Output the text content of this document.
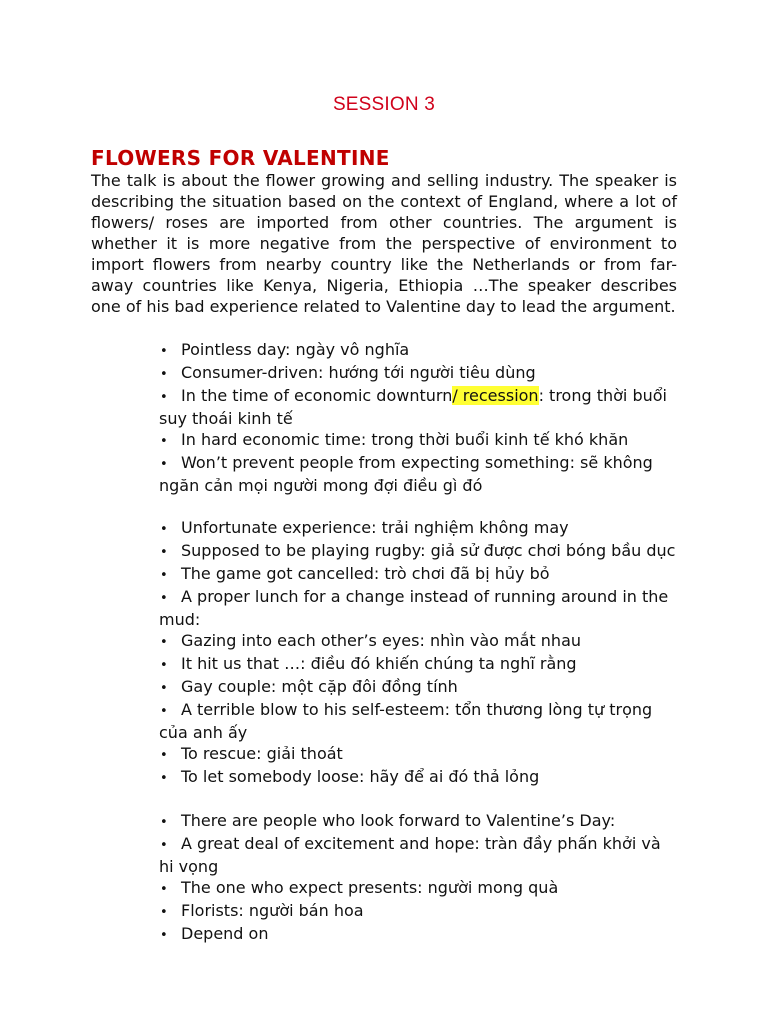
SESSION 3
FLOWERS FOR VALENTINE
The talk is about the flower growing and selling industry. The speaker is describing the situation based on the context of England, where a lot of flowers/ roses are imported from other countries. The argument is whether it is more negative from the perspective of environment to import flowers from nearby country like the Netherlands or from far-away countries like Kenya, Nigeria, Ethiopia …The speaker describes one of his bad experience related to Valentine day to lead the argument.
• Pointless day: ngày vô nghĩa
• Consumer-driven: hướng tới người tiêu dùng
• In the time of economic downturn/ recession: trong thời buổi suy thoái kinh tế
• In hard economic time: trong thời buổi kinh tế khó khăn
• Won’t prevent people from expecting something: sẽ không ngăn cản mọi người mong đợi điều gì đó
• Unfortunate experience: trải nghiệm không may
• Supposed to be playing rugby: giả sử được chơi bóng bầu dục
• The game got cancelled: trò chơi đã bị hủy bỏ
• A proper lunch for a change instead of running around in the mud:
• Gazing into each other’s eyes: nhìn vào mắt nhau
• It hit us that …: điều đó khiến chúng ta nghĩ rằng
• Gay couple: một cặp đôi đồng tính
• A terrible blow to his self-esteem: tổn thương lòng tự trọng của anh ấy
• To rescue: giải thoát
• To let somebody loose: hãy để ai đó thả lỏng
• There are people who look forward to Valentine’s Day:
• A great deal of excitement and hope: tràn đầy phấn khởi và hi vọng
• The one who expect presents: người mong quà
• Florists: người bán hoa
• Depend on
